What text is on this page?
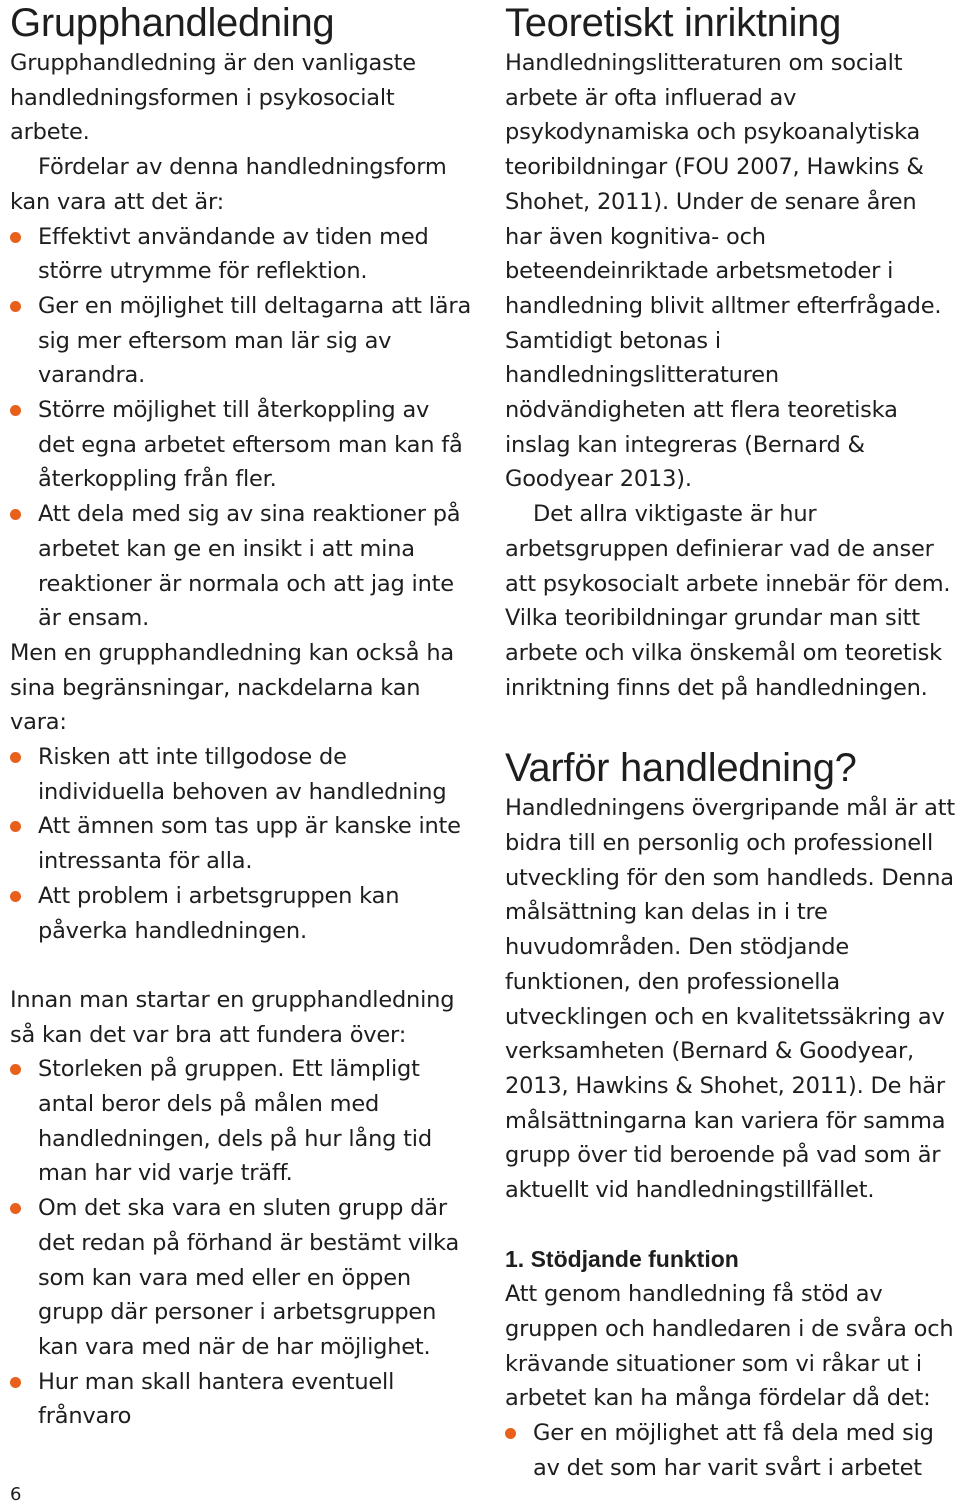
Grupphandledning

Grupphandledning är den vanligaste handledningsformen i psykosocialt arbete.

Fördelar av denna handledningsform kan vara att det är:

Effektivt användande av tiden med större utrymme för reflektion.
Ger en möjlighet till deltagarna att lära sig mer eftersom man lär sig av varandra.
Större möjlighet till återkoppling av det egna arbetet eftersom man kan få återkoppling från fler.
Att dela med sig av sina reaktioner på arbetet kan ge en insikt i att mina reaktioner är normala och att jag inte är ensam.

Men en grupphandledning kan också ha sina begränsningar, nackdelarna kan vara:

Risken att inte tillgodose de individuella behoven av handledning
Att ämnen som tas upp är kanske inte intressanta för alla.
Att problem i arbetsgruppen kan påverka handledningen.

Innan man startar en grupphandledning så kan det var bra att fundera över:

Storleken på gruppen. Ett lämpligt antal beror dels på målen med handledningen, dels på hur lång tid man har vid varje träff.
Om det ska vara en sluten grupp där det redan på förhand är bestämt vilka som kan vara med eller en öppen grupp där personer i arbetsgruppen kan vara med när de har möjlighet.
Hur man skall hantera eventuell frånvaro
Teoretiskt inriktning

Handledningslitteraturen om socialt arbete är ofta influerad av psykodynamiska och psykoanalytiska teoribildningar (FOU 2007, Hawkins & Shohet, 2011). Under de senare åren har även kognitiva- och beteendeinriktade arbetsmetoder i handledning blivit alltmer efterfrågade. Samtidigt betonas i handledningslitteraturen nödvändigheten att flera teoretiska inslag kan integreras (Bernard & Goodyear 2013).

Det allra viktigaste är hur arbetsgruppen definierar vad de anser att psykosocialt arbete innebär för dem. Vilka teoribildningar grundar man sitt arbete och vilka önskemål om teoretisk inriktning finns det på handledningen.

Varför handledning?

Handledningens övergripande mål är att bidra till en personlig och professionell utveckling för den som handleds. Denna målsättning kan delas in i tre huvudområden. Den stödjande funktionen, den professionella utvecklingen och en kvalitetssäkring av verksamheten (Bernard & Goodyear, 2013, Hawkins & Shohet, 2011). De här målsättningarna kan variera för samma grupp över tid beroende på vad som är aktuellt vid handledningstillfället.

1. Stödjande funktion

Att genom handledning få stöd av gruppen och handledaren i de svåra och krävande situationer som vi råkar ut i arbetet kan ha många fördelar då det:

Ger en möjlighet att få dela med sig av det som har varit svårt i arbetet
6
